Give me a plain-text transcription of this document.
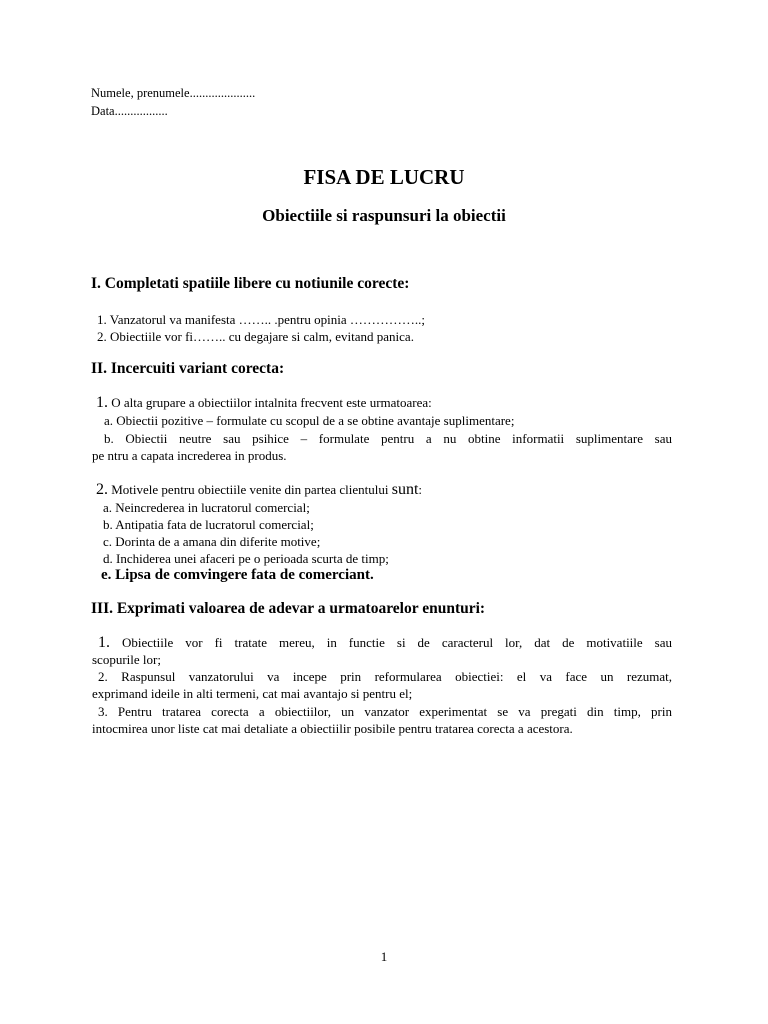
Numele, prenumele.....................
Data.................
FISA DE LUCRU
Obiectiile si raspunsuri la obiectii
I. Completati spatiile libere cu notiunile corecte:
1. Vanzatorul va manifesta …….. .pentru opinia ……………..;
2. Obiectiile vor fi…….. cu degajare si calm, evitand panica.
II. Incercuiti variant corecta:
1. O alta grupare a obiectiilor intalnita frecvent este urmatoarea:
a. Obiectii pozitive – formulate cu scopul de a se obtine avantaje suplimentare;
b. Obiectii neutre sau psihice – formulate pentru a nu obtine informatii suplimentare sau
pe ntru a capata increderea in produs.
2. Motivele pentru obiectiile venite din partea clientului sunt:
a. Neincrederea in lucratorul comercial;
b. Antipatia fata de lucratorul comercial;
c. Dorinta de a amana din diferite motive;
d. Inchiderea unei afaceri pe o perioada scurta de timp;
e. Lipsa de comvingere fata de comerciant.
III. Exprimati valoarea de adevar a urmatoarelor enunturi:
1. Obiectiile vor fi tratate mereu, in functie si de caracterul lor, dat de motivatiile sau
scopurile lor;
2. Raspunsul vanzatorului va incepe prin reformularea obiectiei: el va face un rezumat,
exprimand ideile in alti termeni, cat mai avantajo si pentru el;
3. Pentru tratarea corecta a obiectiilor, un vanzator experimentat se va pregati din timp, prin
intocmirea unor liste cat mai detaliate a obiectiilir posibile pentru tratarea corecta a acestora.
1
